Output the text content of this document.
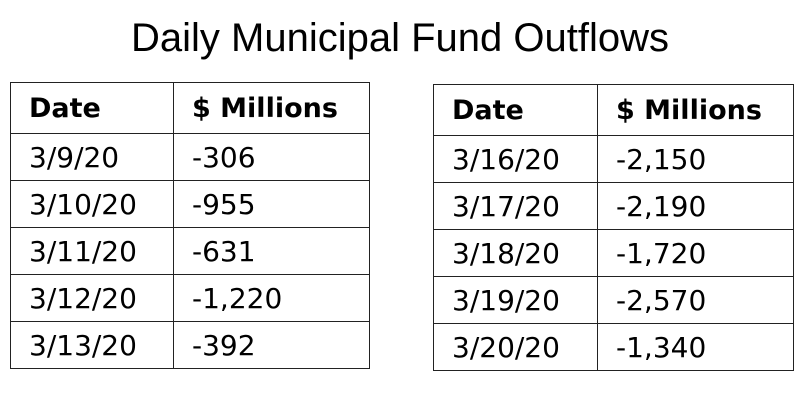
Daily Municipal Fund Outflows
Date	$ Millions
3/9/20	-306
3/10/20	-955
3/11/20	-631
3/12/20	-1,220
3/13/20	-392
Date	$ Millions
3/16/20	-2,150
3/17/20	-2,190
3/18/20	-1,720
3/19/20	-2,570
3/20/20	-1,340
